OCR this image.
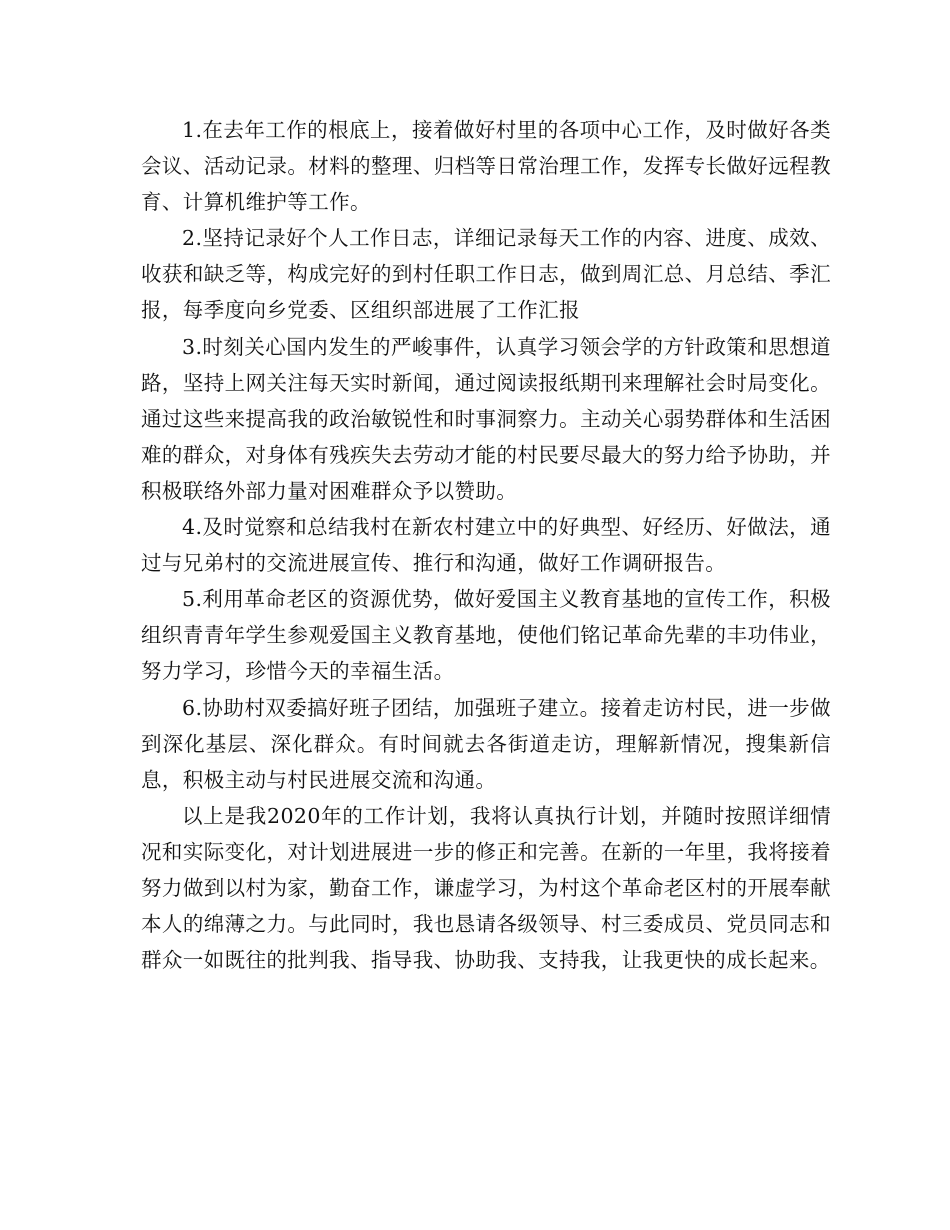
1.在去年工作的根底上，接着做好村里的各项中心工作，及时做好各类会议、活动记录。材料的整理、归档等日常治理工作，发挥专长做好远程教育、计算机维护等工作。

2.坚持记录好个人工作日志，详细记录每天工作的内容、进度、成效、收获和缺乏等，构成完好的到村任职工作日志，做到周汇总、月总结、季汇报，每季度向乡党委、区组织部进展了工作汇报

3.时刻关心国内发生的严峻事件，认真学习领会学的方针政策和思想道路，坚持上网关注每天实时新闻，通过阅读报纸期刊来理解社会时局变化。通过这些来提高我的政治敏锐性和时事洞察力。主动关心弱势群体和生活困难的群众，对身体有残疾失去劳动才能的村民要尽最大的努力给予协助，并积极联络外部力量对困难群众予以赞助。

4.及时觉察和总结我村在新农村建立中的好典型、好经历、好做法，通过与兄弟村的交流进展宣传、推行和沟通，做好工作调研报告。

5.利用革命老区的资源优势，做好爱国主义教育基地的宣传工作，积极组织青青年学生参观爱国主义教育基地，使他们铭记革命先辈的丰功伟业，努力学习，珍惜今天的幸福生活。

6.协助村双委搞好班子团结，加强班子建立。接着走访村民，进一步做到深化基层、深化群众。有时间就去各街道走访，理解新情况，搜集新信息，积极主动与村民进展交流和沟通。

以上是我2020年的工作计划，我将认真执行计划，并随时按照详细情况和实际变化，对计划进展进一步的修正和完善。在新的一年里，我将接着努力做到以村为家，勤奋工作，谦虚学习，为村这个革命老区村的开展奉献本人的绵薄之力。与此同时，我也恳请各级领导、村三委成员、党员同志和群众一如既往的批判我、指导我、协助我、支持我，让我更快的成长起来。
